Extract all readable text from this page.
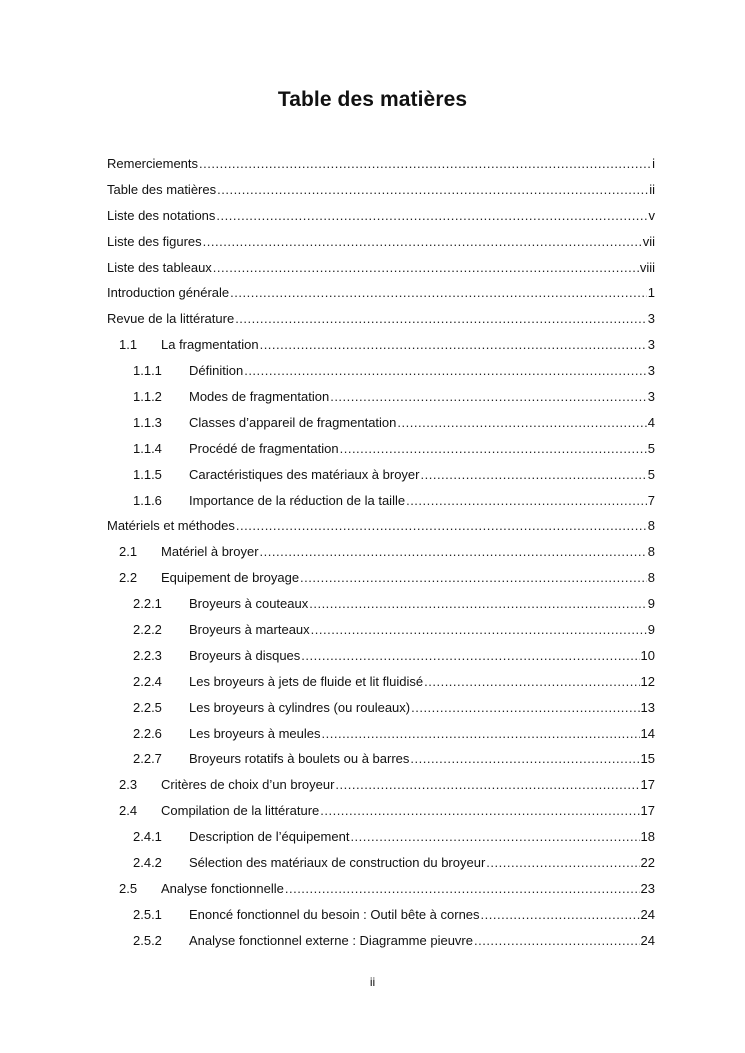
Table des matières
Remerciements .....	i
Table des matières .....	ii
Liste des notations .....	v
Liste des figures .....	vii
Liste des tableaux .....	viii
Introduction générale .....	1
Revue de la littérature .....	3
1.1	La fragmentation .....	3
1.1.1	Définition .....	3
1.1.2	Modes de fragmentation .....	3
1.1.3	Classes d’appareil de fragmentation .....	4
1.1.4	Procédé de fragmentation .....	5
1.1.5	Caractéristiques des matériaux à broyer .....	5
1.1.6	Importance de la réduction de la taille .....	7
Matériels et méthodes .....	8
2.1	Matériel à broyer .....	8
2.2	Equipement de broyage .....	8
2.2.1	Broyeurs à couteaux .....	9
2.2.2	Broyeurs à marteaux .....	9
2.2.3	Broyeurs à disques .....	10
2.2.4	Les broyeurs à jets de fluide et lit fluidisé .....	12
2.2.5	Les broyeurs à cylindres (ou rouleaux) .....	13
2.2.6	Les broyeurs à meules .....	14
2.2.7	Broyeurs rotatifs à boulets ou à barres .....	15
2.3	Critères de choix d’un broyeur .....	17
2.4	Compilation de la littérature .....	17
2.4.1	Description de l’équipement .....	18
2.4.2	Sélection des matériaux de construction du broyeur .....	22
2.5	Analyse fonctionnelle .....	23
2.5.1	Enoncé fonctionnel du besoin : Outil bête à cornes .....	24
2.5.2	Analyse fonctionnel externe : Diagramme pieuvre .....	24
ii
